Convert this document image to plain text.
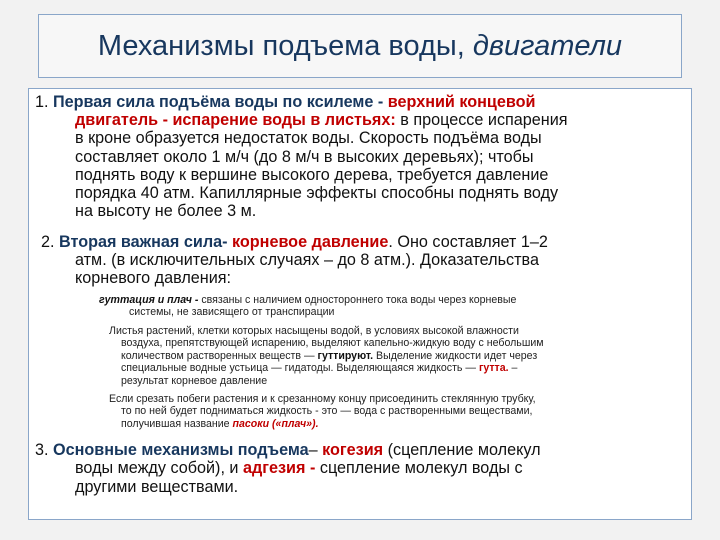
Механизмы подъема воды, двигатели
1. Первая сила подъёма воды по ксилеме - верхний концевой
двигатель - испарение воды в листьях: в процессе испарения
в кроне образуется недостаток воды. Скорость подъёма воды
составляет около 1 м/ч (до 8 м/ч в высоких деревьях); чтобы
поднять воду к вершине высокого дерева, требуется давление
порядка 40 атм. Капиллярные эффекты способны поднять воду
на высоту не более 3 м.
2. Вторая важная сила- корневое давление. Оно составляет 1–2
атм. (в исключительных случаях – до 8 атм.). Доказательства
корневого давления:
гуттация и плач - связаны с наличием одностороннего тока воды через корневые
системы, не зависящего от транспирации
Листья растений, клетки которых насыщены водой, в условиях высокой влажности
воздуха, препятствующей испарению, выделяют капельно-жидкую воду с небольшим
количеством растворенных веществ — гуттируют. Выделение жидкости идет через
специальные водные устьица — гидатоды. Выделяющаяся жидкость — гутта. –
результат корневое давление
Если срезать побеги растения и к срезанному концу присоединить стеклянную трубку,
то по ней будет подниматься жидкость - это — вода с растворенными веществами,
получившая название пасоки («плач»).
3. Основные механизмы подъема– когезия (сцепление молекул
воды между собой), и адгезия - сцепление молекул воды с
другими веществами.
